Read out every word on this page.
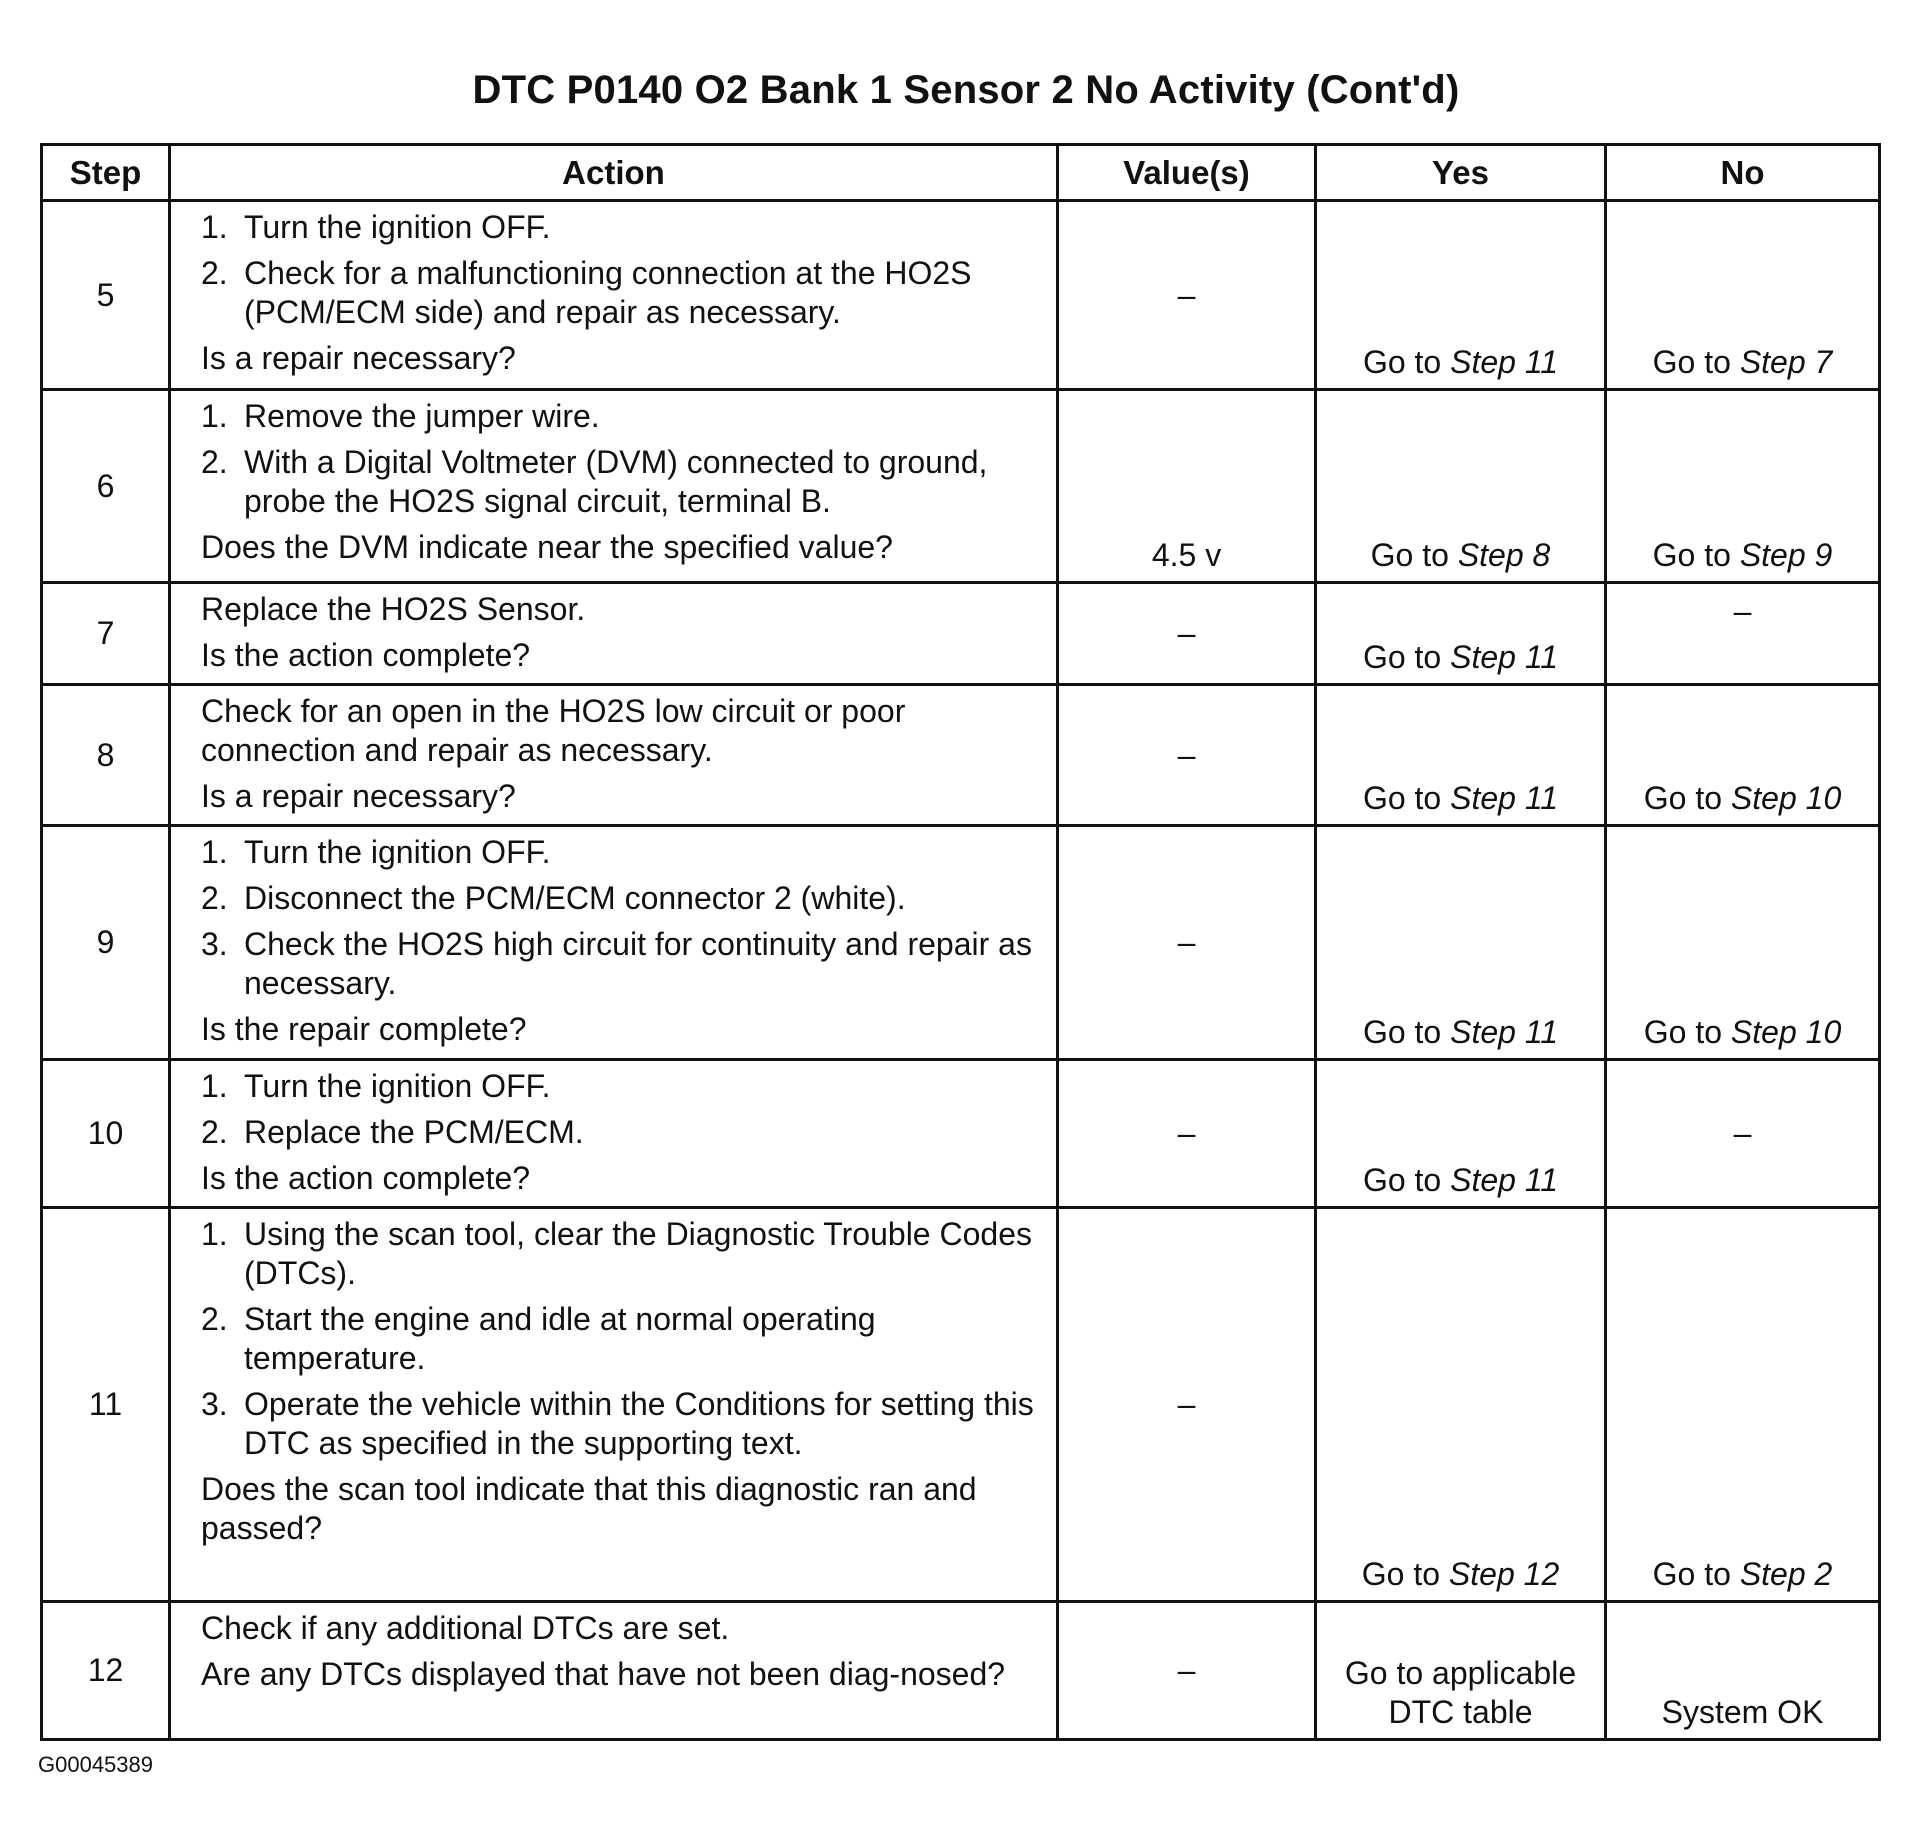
DTC P0140 O2 Bank 1 Sensor 2 No Activity (Cont'd)
Step	Action	Value(s)	Yes	No
5	1. Turn the ignition OFF.
2. Check for a malfunctioning connection at the HO2S (PCM/ECM side) and repair as necessary.
Is a repair necessary?	–	Go to Step 11	Go to Step 7
6	1. Remove the jumper wire.
2. With a Digital Voltmeter (DVM) connected to ground, probe the HO2S signal circuit, terminal B.
Does the DVM indicate near the specified value?	4.5 v	Go to Step 8	Go to Step 9
7	Replace the HO2S Sensor.
Is the action complete?	–	Go to Step 11	–
8	Check for an open in the HO2S low circuit or poor connection and repair as necessary.
Is a repair necessary?	–	Go to Step 11	Go to Step 10
9	1. Turn the ignition OFF.
2. Disconnect the PCM/ECM connector 2 (white).
3. Check the HO2S high circuit for continuity and repair as necessary.
Is the repair complete?	–	Go to Step 11	Go to Step 10
10	1. Turn the ignition OFF.
2. Replace the PCM/ECM.
Is the action complete?	–	Go to Step 11	–
11	1. Using the scan tool, clear the Diagnostic Trouble Codes (DTCs).
2. Start the engine and idle at normal operating temperature.
3. Operate the vehicle within the Conditions for setting this DTC as specified in the supporting text.
Does the scan tool indicate that this diagnostic ran and passed?	–	Go to Step 12	Go to Step 2
12	Check if any additional DTCs are set.
Are any DTCs displayed that have not been diag-nosed?	–	Go to applicable DTC table	System OK
G00045389
